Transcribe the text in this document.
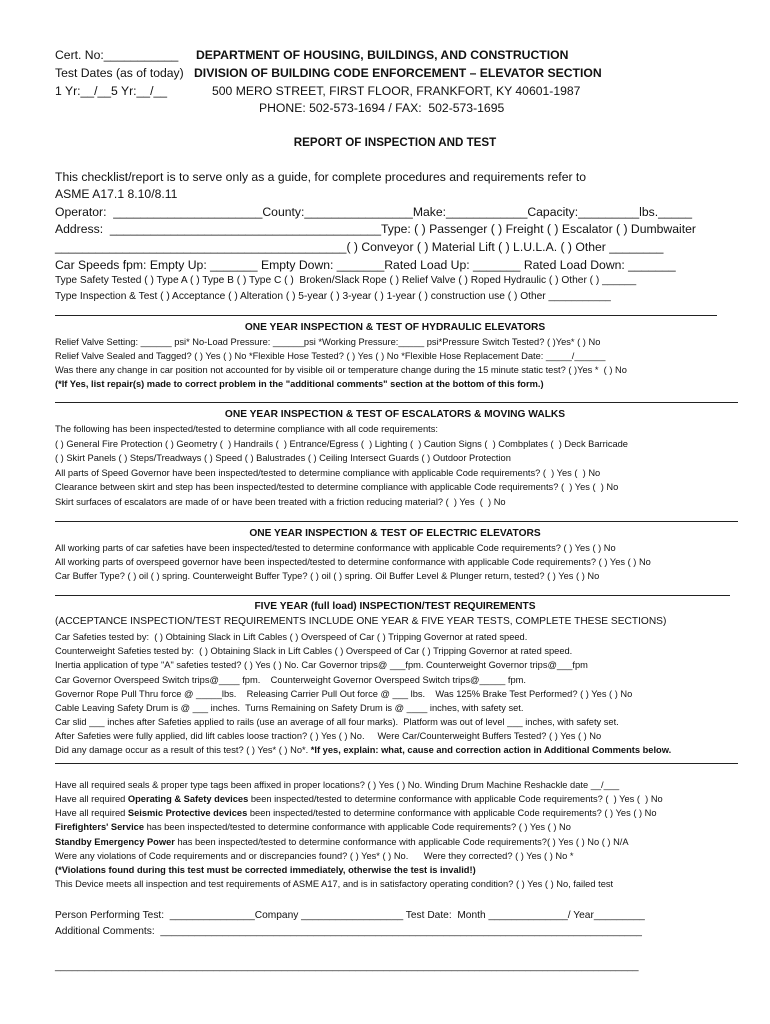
Cert. No:___________
Test Dates (as of today)
1 Yr:__/__5 Yr:__/__
DEPARTMENT OF HOUSING, BUILDINGS, AND CONSTRUCTION
DIVISION OF BUILDING CODE ENFORCEMENT – ELEVATOR SECTION
500 MERO STREET, FIRST FLOOR, FRANKFORT, KY 40601-1987
PHONE: 502-573-1694 / FAX:  502-573-1695
REPORT OF INSPECTION AND TEST
This checklist/report is to serve only as a guide, for complete procedures and requirements refer to
ASME A17.1 8.10/8.11
Operator:  ______________________County:________________Make:____________Capacity:_________lbs._____
Address:  ________________________________________Type: ( ) Passenger ( ) Freight ( ) Escalator ( ) Dumbwaiter
___________________________________________( ) Conveyor ( ) Material Lift ( ) L.U.L.A. ( ) Other ________
Car Speeds fpm: Empty Up: _______ Empty Down: _______Rated Load Up: _______ Rated Load Down: _______
Type Safety Tested ( ) Type A ( ) Type B ( ) Type C ( )  Broken/Slack Rope ( ) Relief Valve ( ) Roped Hydraulic ( ) Other ( ) ______
Type Inspection & Test ( ) Acceptance ( ) Alteration ( ) 5-year ( ) 3-year ( ) 1-year ( ) construction use ( ) Other ___________
ONE YEAR INSPECTION & TEST OF HYDRAULIC ELEVATORS
Relief Valve Setting: ______ psi* No-Load Pressure: ______psi *Working Pressure:_____ psi*Pressure Switch Tested? ( )Yes* ( ) No
Relief Valve Sealed and Tagged? ( ) Yes ( ) No *Flexible Hose Tested? ( ) Yes ( ) No *Flexible Hose Replacement Date: _____/______
Was there any change in car position not accounted for by visible oil or temperature change during the 15 minute static test? ( )Yes *  ( ) No
(*If Yes, list repair(s) made to correct problem in the "additional comments" section at the bottom of this form.)
ONE YEAR INSPECTION & TEST OF ESCALATORS & MOVING WALKS
The following has been inspected/tested to determine compliance with all code requirements:
( ) General Fire Protection ( ) Geometry (  ) Handrails (  ) Entrance/Egress (  ) Lighting (  ) Caution Signs (  ) Combplates (  ) Deck Barricade
( ) Skirt Panels ( ) Steps/Treadways ( ) Speed ( ) Balustrades ( ) Ceiling Intersect Guards ( ) Outdoor Protection
All parts of Speed Governor have been inspected/tested to determine compliance with applicable Code requirements? (  ) Yes (  ) No
Clearance between skirt and step has been inspected/tested to determine compliance with applicable Code requirements? (  ) Yes (  ) No
Skirt surfaces of escalators are made of or have been treated with a friction reducing material? (  ) Yes  (  ) No
ONE YEAR INSPECTION & TEST OF ELECTRIC ELEVATORS
All working parts of car safeties have been inspected/tested to determine conformance with applicable Code requirements? ( ) Yes ( ) No
All working parts of overspeed governor have been inspected/tested to determine conformance with applicable Code requirements? ( ) Yes ( ) No
Car Buffer Type? ( ) oil ( ) spring. Counterweight Buffer Type? ( ) oil ( ) spring. Oil Buffer Level & Plunger return, tested? ( ) Yes ( ) No
FIVE YEAR (full load) INSPECTION/TEST REQUIREMENTS
(ACCEPTANCE INSPECTION/TEST REQUIREMENTS INCLUDE ONE YEAR & FIVE YEAR TESTS, COMPLETE THESE SECTIONS)
Car Safeties tested by:  ( ) Obtaining Slack in Lift Cables ( ) Overspeed of Car ( ) Tripping Governor at rated speed.
Counterweight Safeties tested by:  ( ) Obtaining Slack in Lift Cables ( ) Overspeed of Car ( ) Tripping Governor at rated speed.
Inertia application of type "A" safeties tested? ( ) Yes ( ) No. Car Governor trips@ ___fpm. Counterweight Governor trips@___fpm
Car Governor Overspeed Switch trips@____ fpm.    Counterweight Governor Overspeed Switch trips@_____ fpm.
Governor Rope Pull Thru force @ _____lbs.    Releasing Carrier Pull Out force @ ___ lbs.    Was 125% Brake Test Performed? ( ) Yes ( ) No
Cable Leaving Safety Drum is @ ___ inches.  Turns Remaining on Safety Drum is @ ____ inches, with safety set.
Car slid ___ inches after Safeties applied to rails (use an average of all four marks).  Platform was out of level ___ inches, with safety set.
After Safeties were fully applied, did lift cables loose traction? ( ) Yes ( ) No.     Were Car/Counterweight Buffers Tested? ( ) Yes ( ) No
Did any damage occur as a result of this test? ( ) Yes* ( ) No*. *If yes, explain: what, cause and correction action in Additional Comments below.
Have all required seals & proper type tags been affixed in proper locations? ( ) Yes ( ) No. Winding Drum Machine Reshackle date __/___
Have all required Operating & Safety devices been inspected/tested to determine conformance with applicable Code requirements? (  ) Yes (  ) No
Have all required Seismic Protective devices been inspected/tested to determine conformance with applicable Code requirements? ( ) Yes ( ) No
Firefighters' Service has been inspected/tested to determine conformance with applicable Code requirements? ( ) Yes ( ) No
Standby Emergency Power has been inspected/tested to determine conformance with applicable Code requirements?( ) Yes ( ) No ( ) N/A
Were any violations of Code requirements and or discrepancies found? ( ) Yes* ( ) No.      Were they corrected? ( ) Yes ( ) No *
(*Violations found during this test must be corrected immediately, otherwise the test is invalid!)
This Device meets all inspection and test requirements of ASME A17, and is in satisfactory operating condition? ( ) Yes ( ) No, failed test
Person Performing Test:  _______________Company __________________ Test Date:  Month ______________/ Year_________
Additional Comments:  _____________________________________________________________________________________
_______________________________________________________________________________________________________
